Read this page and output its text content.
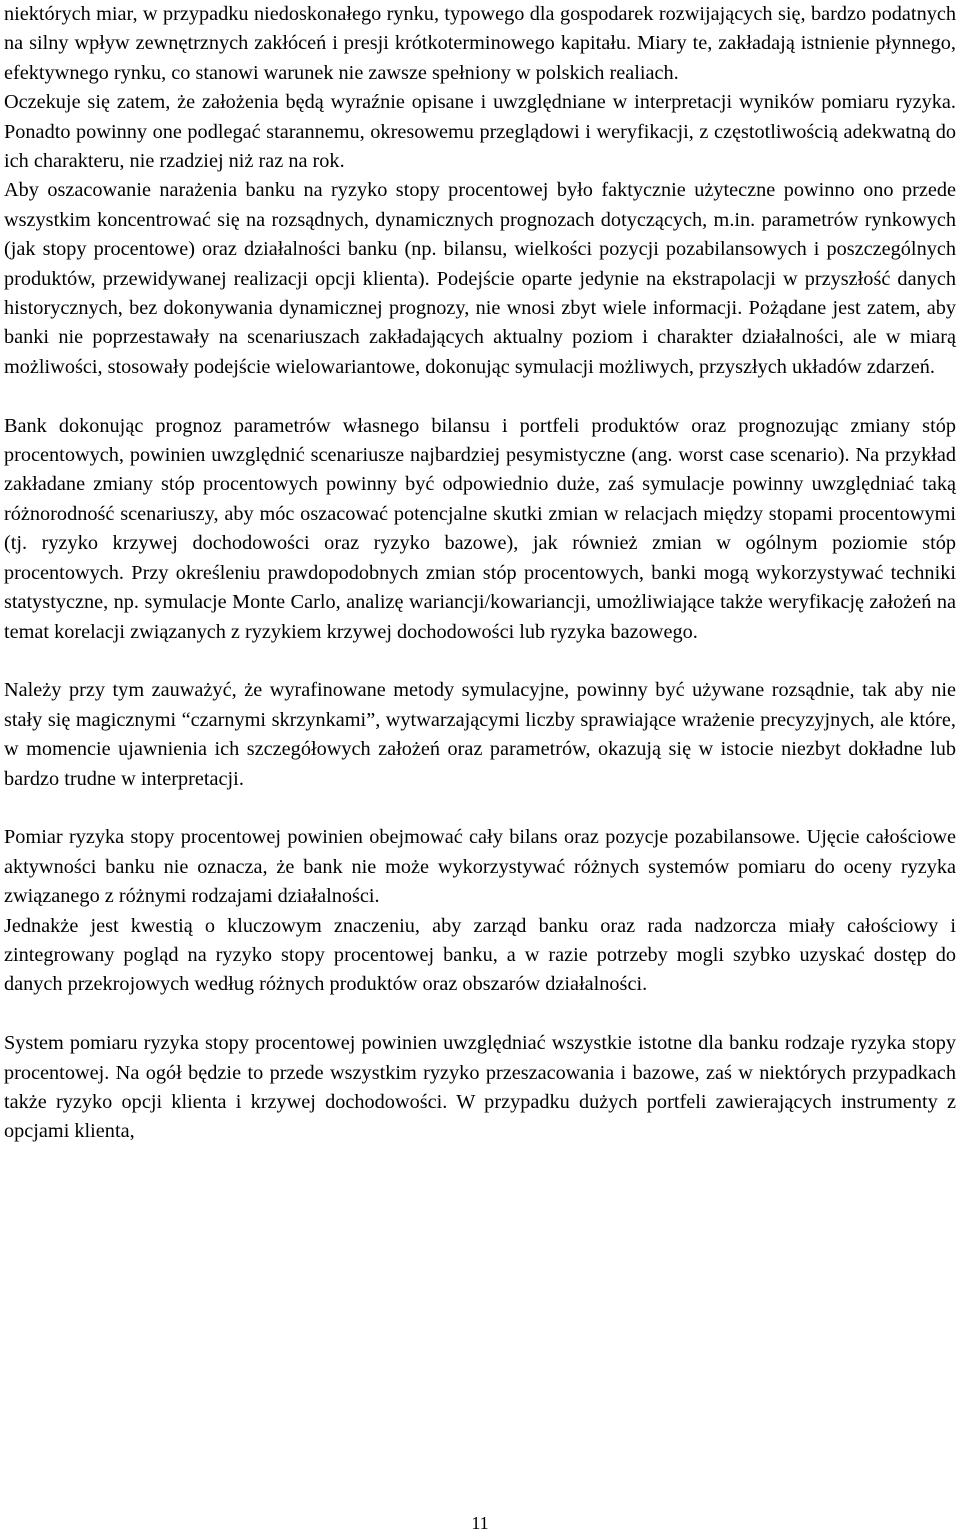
niektórych miar, w przypadku niedoskonałego rynku, typowego dla gospodarek rozwijających się, bardzo podatnych na silny wpływ zewnętrznych zakłóceń i presji krótkoterminowego kapitału. Miary te, zakładają istnienie płynnego, efektywnego rynku, co stanowi warunek nie zawsze spełniony w polskich realiach.

Oczekuje się zatem, że założenia będą wyraźnie opisane i uwzględniane w interpretacji wyników pomiaru ryzyka. Ponadto powinny one podlegać starannemu, okresowemu przeglądowi i weryfikacji, z częstotliwością adekwatną do ich charakteru, nie rzadziej niż raz na rok.

Aby oszacowanie narażenia banku na ryzyko stopy procentowej było faktycznie użyteczne powinno ono przede wszystkim koncentrować się na rozsądnych, dynamicznych prognozach dotyczących, m.in. parametrów rynkowych (jak stopy procentowe) oraz działalności banku (np. bilansu, wielkości pozycji pozabilansowych i poszczególnych produktów, przewidywanej realizacji opcji klienta). Podejście oparte jedynie na ekstrapolacji w przyszłość danych historycznych, bez dokonywania dynamicznej prognozy, nie wnosi zbyt wiele informacji. Pożądane jest zatem, aby banki nie poprzestawały na scenariuszach zakładających aktualny poziom i charakter działalności, ale w miarą możliwości, stosowały podejście wielowariantowe, dokonując symulacji możliwych, przyszłych układów zdarzeń.

Bank dokonując prognoz parametrów własnego bilansu i portfeli produktów oraz prognozując zmiany stóp procentowych, powinien uwzględnić scenariusze najbardziej pesymistyczne (ang. worst case scenario). Na przykład zakładane zmiany stóp procentowych powinny być odpowiednio duże, zaś symulacje powinny uwzględniać taką różnorodność scenariuszy, aby móc oszacować potencjalne skutki zmian w relacjach między stopami procentowymi (tj. ryzyko krzywej dochodowości oraz ryzyko bazowe), jak również zmian w ogólnym poziomie stóp procentowych. Przy określeniu prawdopodobnych zmian stóp procentowych, banki mogą wykorzystywać techniki statystyczne, np. symulacje Monte Carlo, analizę wariancji/kowariancji, umożliwiające także weryfikację założeń na temat korelacji związanych z ryzykiem krzywej dochodowości lub ryzyka bazowego.

Należy przy tym zauważyć, że wyrafinowane metody symulacyjne, powinny być używane rozsądnie, tak aby nie stały się magicznymi “czarnymi skrzynkami”, wytwarzającymi liczby sprawiające wrażenie precyzyjnych, ale które, w momencie ujawnienia ich szczegółowych założeń oraz parametrów, okazują się w istocie niezbyt dokładne lub bardzo trudne w interpretacji.

Pomiar ryzyka stopy procentowej powinien obejmować cały bilans oraz pozycje pozabilansowe. Ujęcie całościowe aktywności banku nie oznacza, że bank nie może wykorzystywać różnych systemów pomiaru do oceny ryzyka związanego z różnymi rodzajami działalności.

Jednakże jest kwestią o kluczowym znaczeniu, aby zarząd banku oraz rada nadzorcza miały całościowy i zintegrowany pogląd na ryzyko stopy procentowej banku, a w razie potrzeby mogli szybko uzyskać dostęp do danych przekrojowych według różnych produktów oraz obszarów działalności.

System pomiaru ryzyka stopy procentowej powinien uwzględniać wszystkie istotne dla banku rodzaje ryzyka stopy procentowej. Na ogół będzie to przede wszystkim ryzyko przeszacowania i bazowe, zaś w niektórych przypadkach także ryzyko opcji klienta i krzywej dochodowości. W przypadku dużych portfeli zawierających instrumenty z opcjami klienta,

11
